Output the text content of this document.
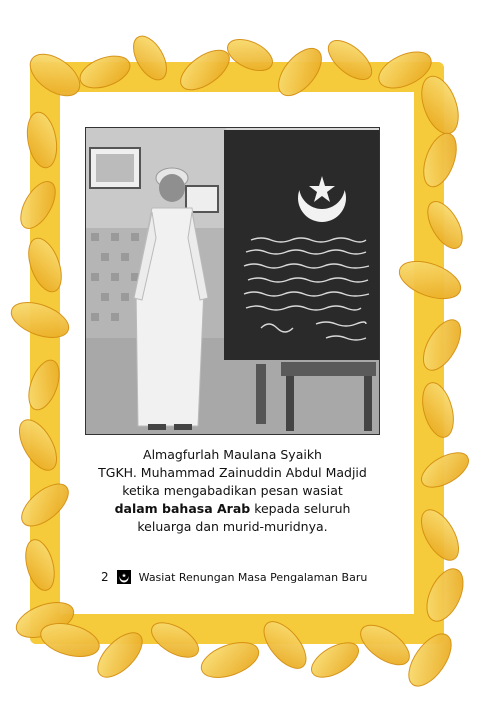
Almagfurlah Maulana Syaikh
TGKH. Muhammad Zainuddin Abdul Madjid
ketika mengabadikan pesan wasiat
dalam bahasa Arab kepada seluruh
keluarga dan murid-muridnya.
2	Wasiat Renungan Masa Pengalaman Baru
